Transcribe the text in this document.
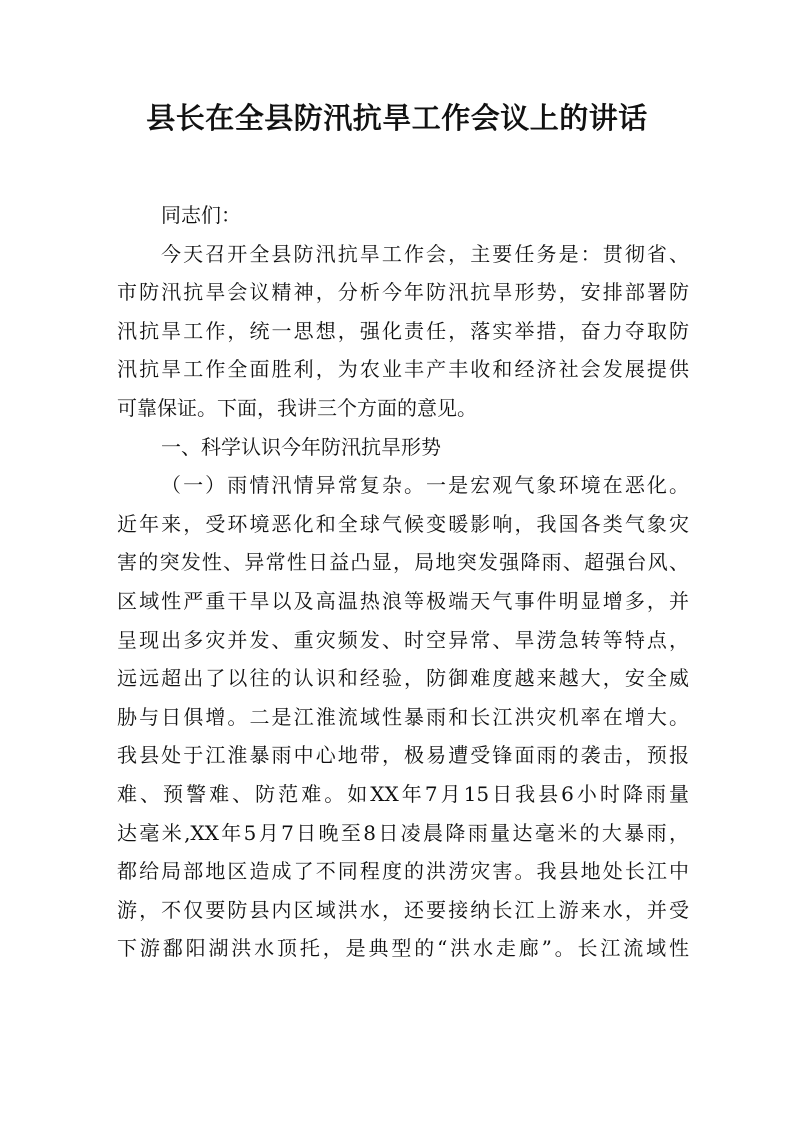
县长在全县防汛抗旱工作会议上的讲话
同志们：
今天召开全县防汛抗旱工作会，主要任务是：贯彻省、
市防汛抗旱会议精神，分析今年防汛抗旱形势，安排部署防
汛抗旱工作，统一思想，强化责任，落实举措，奋力夺取防
汛抗旱工作全面胜利，为农业丰产丰收和经济社会发展提供
可靠保证。下面，我讲三个方面的意见。
一、科学认识今年防汛抗旱形势
（一）雨情汛情异常复杂。一是宏观气象环境在恶化。
近年来，受环境恶化和全球气候变暖影响，我国各类气象灾
害的突发性、异常性日益凸显，局地突发强降雨、超强台风、
区域性严重干旱以及高温热浪等极端天气事件明显增多，并
呈现出多灾并发、重灾频发、时空异常、旱涝急转等特点，
远远超出了以往的认识和经验，防御难度越来越大，安全威
胁与日俱增。二是江淮流域性暴雨和长江洪灾机率在增大。
我县处于江淮暴雨中心地带，极易遭受锋面雨的袭击，预报
难、预警难、防范难。如XX年7月15日我县6小时降雨量
达毫米,XX年5月7日晚至8日凌晨降雨量达毫米的大暴雨，
都给局部地区造成了不同程度的洪涝灾害。我县地处长江中
游，不仅要防县内区域洪水，还要接纳长江上游来水，并受
下游鄱阳湖洪水顶托，是典型的“洪水走廊”。长江流域性
